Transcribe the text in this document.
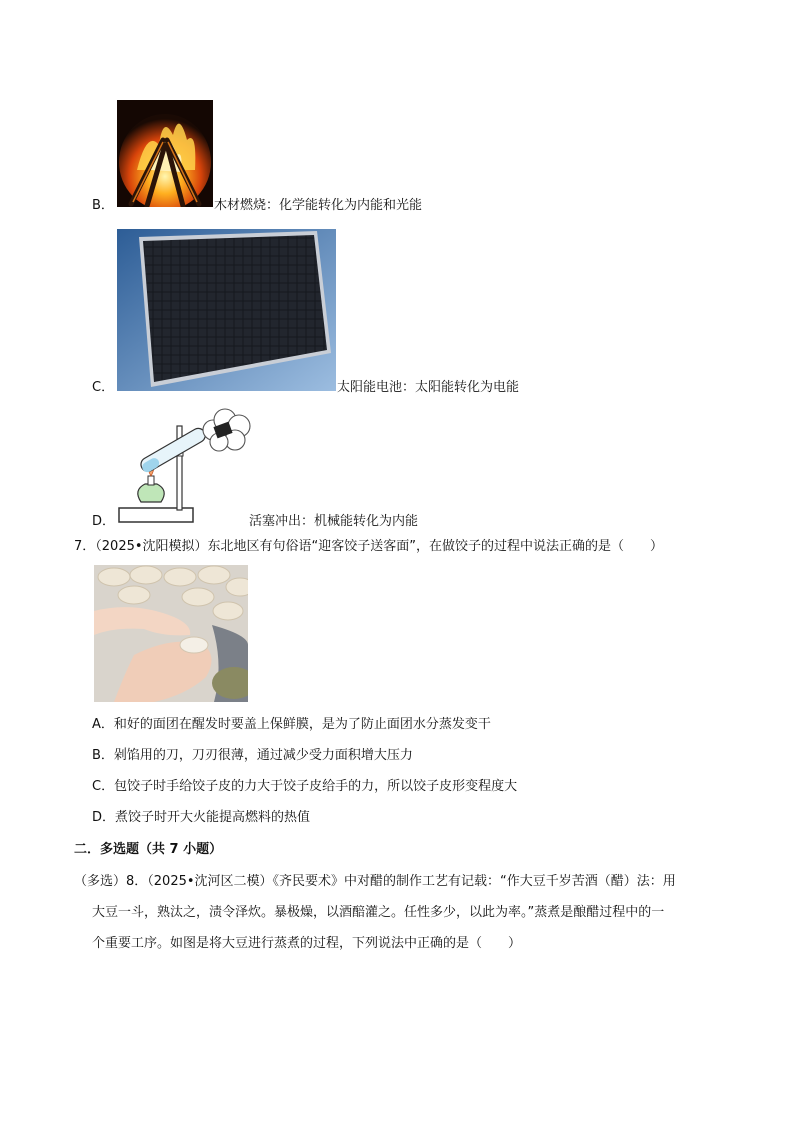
B．	木材燃烧：化学能转化为内能和光能
C．	太阳能电池：太阳能转化为电能
D．	活塞冲出：机械能转化为内能
7．（2025•沈阳模拟）东北地区有句俗语“迎客饺子送客面”，在做饺子的过程中说法正确的是（　　）
A．和好的面团在醒发时要盖上保鲜膜，是为了防止面团水分蒸发变干
B．剁馅用的刀，刀刃很薄，通过减少受力面积增大压力
C．包饺子时手给饺子皮的力大于饺子皮给手的力，所以饺子皮形变程度大
D．煮饺子时开大火能提高燃料的热值
二．多选题（共 7 小题）
（多选）8．（2025•沈河区二模）《齐民要术》中对醋的制作工艺有记载：“作大豆千岁苦酒（醋）法：用
大豆一斗，熟汰之，渍令泽炊。暴极燥，以酒醅灌之。任性多少，以此为率。”蒸煮是酿醋过程中的一
个重要工序。如图是将大豆进行蒸煮的过程，下列说法中正确的是（　　）
